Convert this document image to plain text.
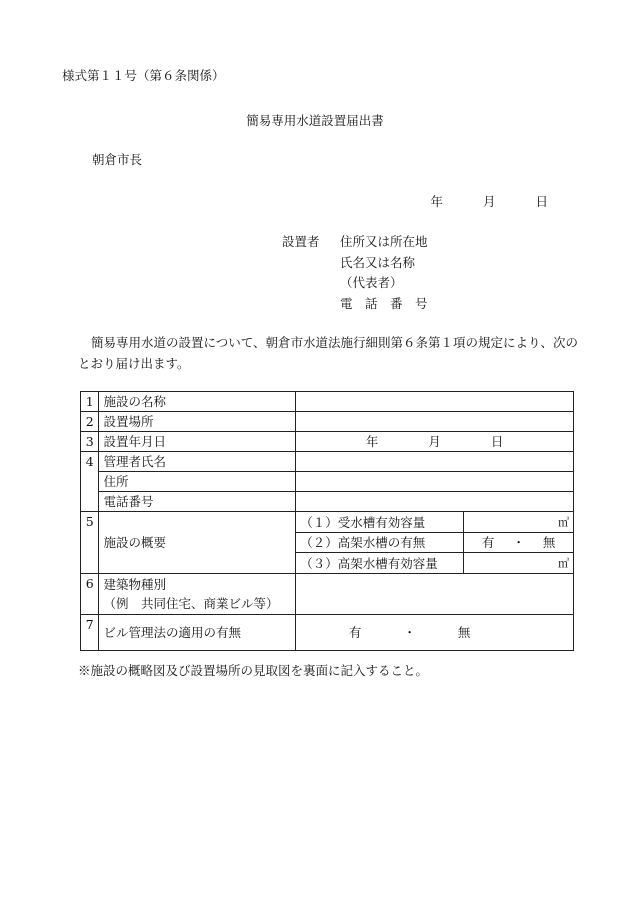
様式第１１号（第６条関係）
簡易専用水道設置届出書
朝倉市長
年	月	日
設置者	住所又は所在地
氏名又は名称
（代表者）
電　話　番　号
簡易専用水道の設置について、朝倉市水道法施行細則第６条第１項の規定により、次のとおり届け出ます。
1	施設の名称		
2	設置場所		
3	設置年月日	年 月 日	
4	管理者氏名		
	住所		
	電話番号		
5	施設の概要	（１）受水槽有効容量	㎥
		（２）高架水槽の有無	有 ・ 無
		（３）高架水槽有効容量	㎥
6	建築物種別
（例　共同住宅、商業ビル等）		

7	ビル管理法の適用の有無	有 ・ 無	
※施設の概略図及び設置場所の見取図を裏面に記入すること。
